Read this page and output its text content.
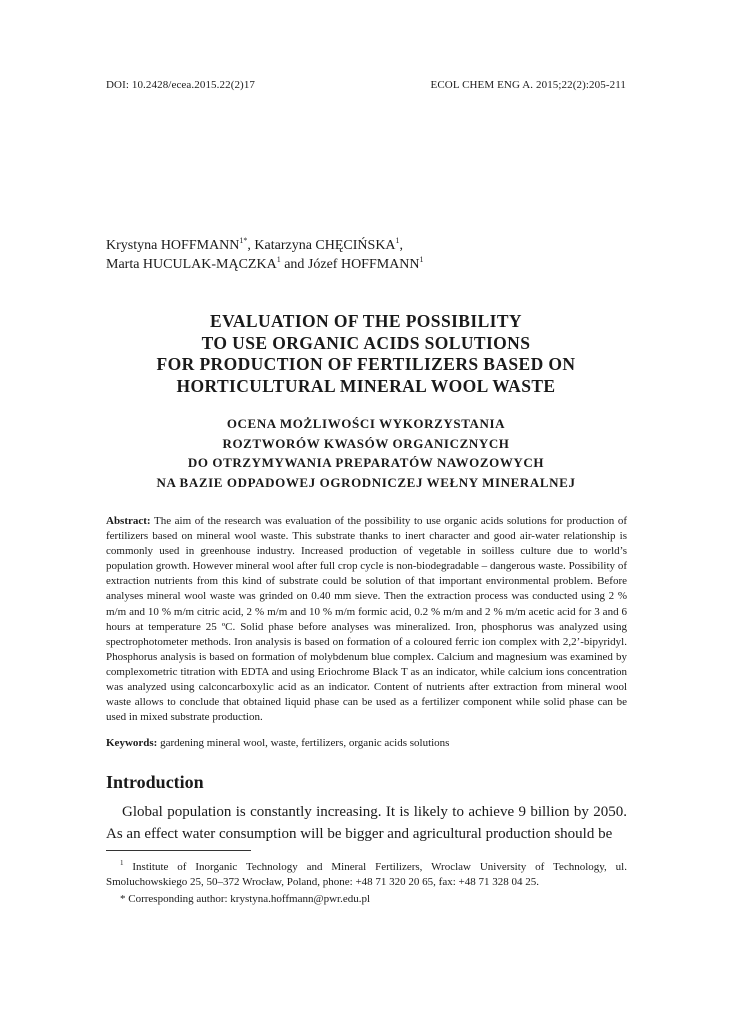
DOI: 10.2428/ecea.2015.22(2)17	ECOL CHEM ENG A. 2015;22(2):205-211
Krystyna $HOFFMANN^{1*}$, Katarzyna CHĘCIŃSKA$^1$,
Marta HUCULAK-MĄCZKA$^1$ and Józef HOFFMANN$^1$
EVALUATION OF THE POSSIBILITY
TO USE ORGANIC ACIDS SOLUTIONS
FOR PRODUCTION OF FERTILIZERS BASED ON
HORTICULTURAL MINERAL WOOL WASTE
OCENA MOŻLIWOŚCI WYKORZYSTANIA
ROZTWORÓW KWASÓW ORGANICZNYCH
DO OTRZYMYWANIA PREPARATÓW NAWOZOWYCH
NA BAZIE ODPADOWEJ OGRODNICZEJ WEŁNY MINERALNEJ
Abstract: The aim of the research was evaluation of the possibility to use organic acids solutions for production of fertilizers based on mineral wool waste. This substrate thanks to inert character and good air-water relationship is commonly used in greenhouse industry. Increased production of vegetable in soilless culture due to world’s population growth. However mineral wool after full crop cycle is non-biodegradable – dangerous waste. Possibility of extraction nutrients from this kind of substrate could be solution of that important environmental problem. Before analyses mineral wool waste was grinded on 0.40 mm sieve. Then the extraction process was conducted using 2 % m/m and 10 % m/m citric acid, 2 % m/m and 10 % m/m formic acid, 0.2 % m/m and 2 % m/m acetic acid for 3 and 6 hours at temperature 25 ºC. Solid phase before analyses was mineralized. Iron, phosphorus was analyzed using spectrophotometer methods. Iron analysis is based on formation of a coloured ferric ion complex with 2,2’-bipyridyl. Phosphorus analysis is based on formation of molybdenum blue complex. Calcium and magnesium was examined by complexometric titration with EDTA and using Eriochrome Black T as an indicator, while calcium ions concentration was analyzed using calconcarboxylic acid as an indicator. Content of nutrients after extraction from mineral wool waste allows to conclude that obtained liquid phase can be used as a fertilizer component while solid phase can be used in mixed substrate production.
Keywords: gardening mineral wool, waste, fertilizers, organic acids solutions
Introduction
Global population is constantly increasing. It is likely to achieve 9 billion by 2050. As an effect water consumption will be bigger and agricultural production should be
$^1$ Institute of Inorganic Technology and Mineral Fertilizers, Wroclaw University of Technology, ul. Smoluchowskiego 25, 50–372 Wrocław, Poland, phone: +48 71 320 20 65, fax: +48 71 328 04 25.
* Corresponding author: krystyna.hoffmann@pwr.edu.pl
